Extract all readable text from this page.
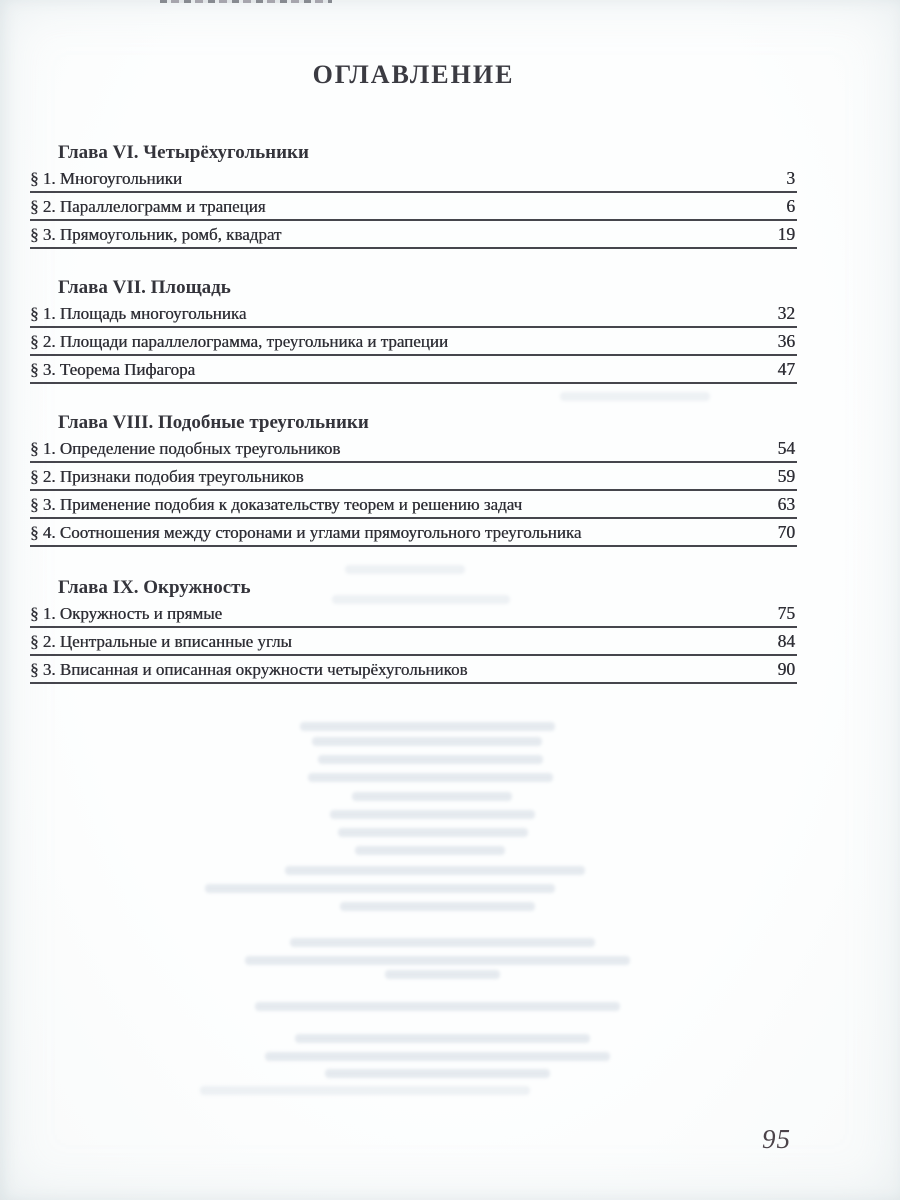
ОГЛАВЛЕНИЕ
Глава VI. Четырёхугольники
§ 1. Многоугольники	3
§ 2. Параллелограмм и трапеция	6
§ 3. Прямоугольник, ромб, квадрат	19
Глава VII. Площадь
§ 1. Площадь многоугольника	32
§ 2. Площади параллелограмма, треугольника и трапеции	36
§ 3. Теорема Пифагора	47
Глава VIII. Подобные треугольники
§ 1. Определение подобных треугольников	54
§ 2. Признаки подобия треугольников	59
§ 3. Применение подобия к доказательству теорем и решению задач	63
§ 4. Соотношения между сторонами и углами прямоугольного треугольника	70
Глава IX. Окружность
§ 1. Окружность и прямые	75
§ 2. Центральные и вписанные углы	84
§ 3. Вписанная и описанная окружности четырёхугольников	90
95
